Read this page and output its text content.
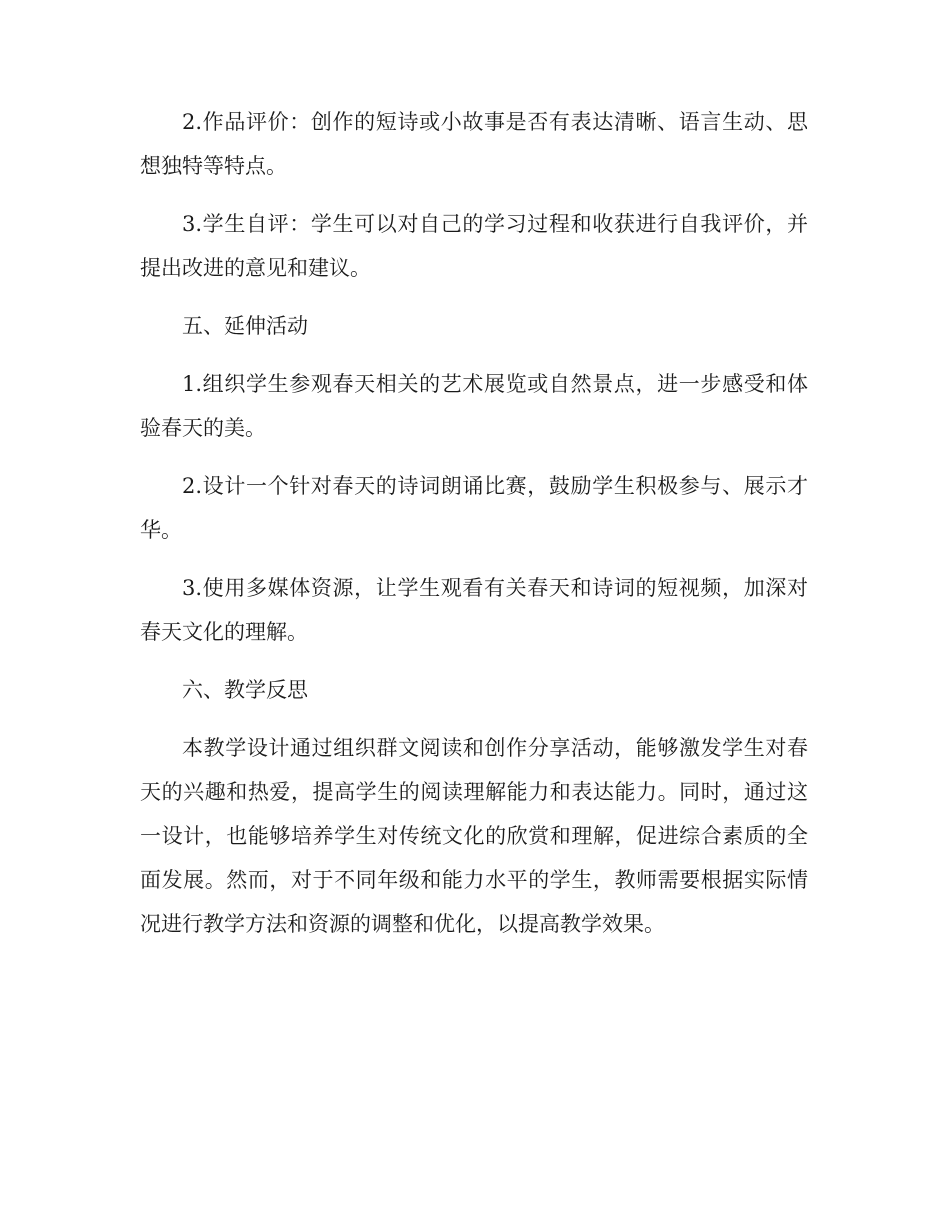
2.作品评价：创作的短诗或小故事是否有表达清晰、语言生动、思想独特等特点。

3.学生自评：学生可以对自己的学习过程和收获进行自我评价，并提出改进的意见和建议。

五、延伸活动

1.组织学生参观春天相关的艺术展览或自然景点，进一步感受和体验春天的美。

2.设计一个针对春天的诗词朗诵比赛，鼓励学生积极参与、展示才华。

3.使用多媒体资源，让学生观看有关春天和诗词的短视频，加深对春天文化的理解。

六、教学反思

本教学设计通过组织群文阅读和创作分享活动，能够激发学生对春天的兴趣和热爱，提高学生的阅读理解能力和表达能力。同时，通过这一设计，也能够培养学生对传统文化的欣赏和理解，促进综合素质的全面发展。然而，对于不同年级和能力水平的学生，教师需要根据实际情况进行教学方法和资源的调整和优化，以提高教学效果。
